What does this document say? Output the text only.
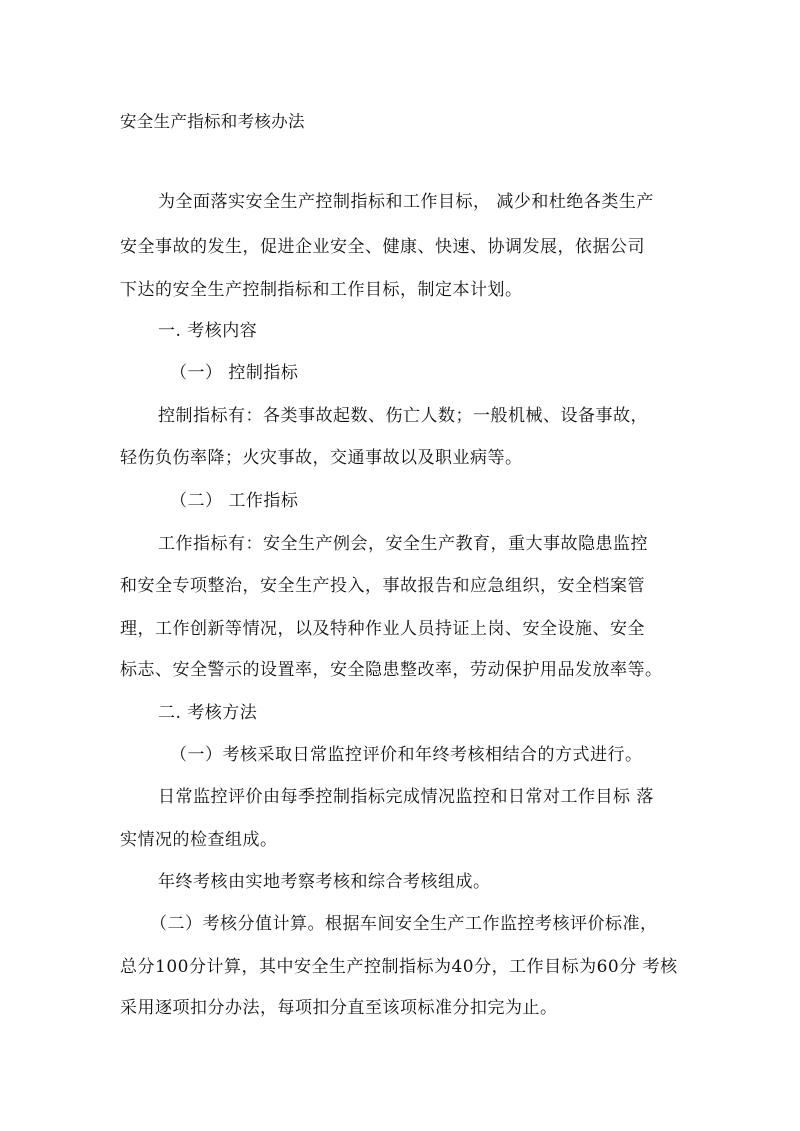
安全生产指标和考核办法
为全面落实安全生产控制指标和工作目标， 减少和杜绝各类生产
安全事故的发生，促进企业安全、健康、快速、协调发展，依据公司
下达的安全生产控制指标和工作目标，制定本计划。
一. 考核内容
（一） 控制指标
控制指标有：各类事故起数、伤亡人数；一般机械、设备事故，
轻伤负伤率降；火灾事故，交通事故以及职业病等。
（二） 工作指标
工作指标有：安全生产例会，安全生产教育，重大事故隐患监控
和安全专项整治，安全生产投入，事故报告和应急组织，安全档案管
理，工作创新等情况，以及特种作业人员持证上岗、安全设施、安全
标志、安全警示的设置率，安全隐患整改率，劳动保护用品发放率等。
二. 考核方法
（一）考核采取日常监控评价和年终考核相结合的方式进行。
日常监控评价由每季控制指标完成情况监控和日常对工作目标 落
实情况的检查组成。
年终考核由实地考察考核和综合考核组成。
（二）考核分值计算。根据车间安全生产工作监控考核评价标准，
总分100分计算，其中安全生产控制指标为40分，工作目标为60分 考核
采用逐项扣分办法，每项扣分直至该项标准分扣完为止。
